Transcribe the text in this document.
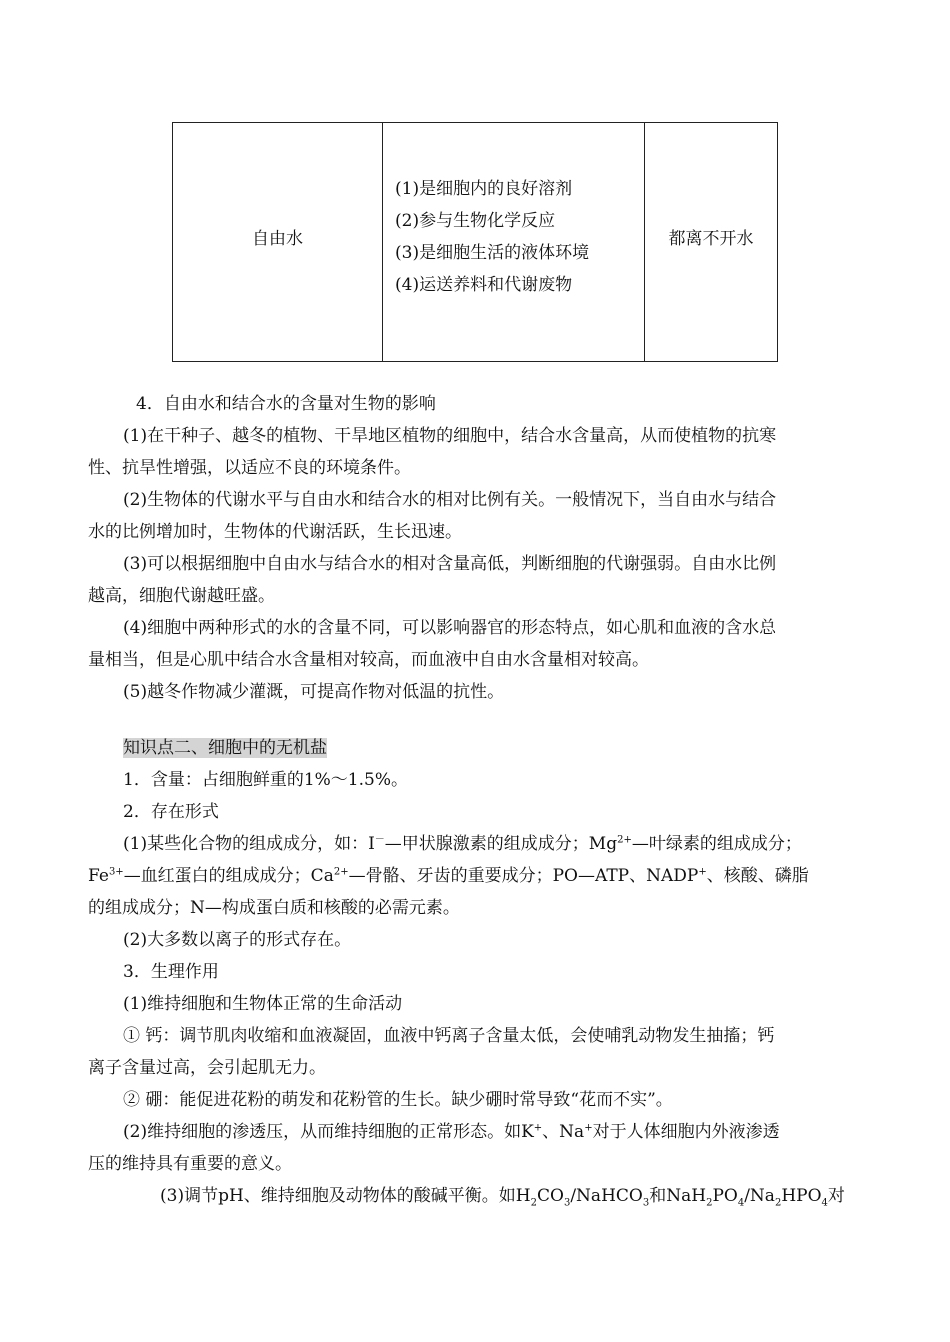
自由水
(1)是细胞内的良好溶剂
(2)参与生物化学反应
(3)是细胞生活的液体环境
(4)运送养料和代谢废物
都离不开水
4．自由水和结合水的含量对生物的影响
(1)在干种子、越冬的植物、干旱地区植物的细胞中，结合水含量高，从而使植物的抗寒
性、抗旱性增强，以适应不良的环境条件。
(2)生物体的代谢水平与自由水和结合水的相对比例有关。一般情况下，当自由水与结合
水的比例增加时，生物体的代谢活跃，生长迅速。
(3)可以根据细胞中自由水与结合水的相对含量高低，判断细胞的代谢强弱。自由水比例
越高，细胞代谢越旺盛。
(4)细胞中两种形式的水的含量不同，可以影响器官的形态特点，如心肌和血液的含水总
量相当，但是心肌中结合水含量相对较高，而血液中自由水含量相对较高。
(5)越冬作物减少灌溉，可提高作物对低温的抗性。
知识点二、细胞中的无机盐
1．含量：占细胞鲜重的1%～1.5%。
2．存在形式
(1)某些化合物的组成成分，如：I－—甲状腺激素的组成成分；$Mg^{2+}—$叶绿素的组成成分；
$Fe^{3+}—$血红蛋白的组成成分；$Ca^{2+}—$骨骼、牙齿的重要成分；PO—ATP、NADP+、核酸、磷脂
的组成成分；N—构成蛋白质和核酸的必需元素。
(2)大多数以离子的形式存在。
3．生理作用
(1)维持细胞和生物体正常的生命活动
① 钙：调节肌肉收缩和血液凝固，血液中钙离子含量太低，会使哺乳动物发生抽搐；钙
离子含量过高，会引起肌无力。
② 硼：能促进花粉的萌发和花粉管的生长。缺少硼时常导致“花而不实”。
(2)维持细胞的渗透压，从而维持细胞的正常形态。如K+、Na+对于人体细胞内外液渗透
压的维持具有重要的意义。
(3)调节pH、维持细胞及动物体的酸碱平衡。如$H_2CO_3/NaHCO_3$和$NaH_2PO_4/Na_2HPO_4$对
